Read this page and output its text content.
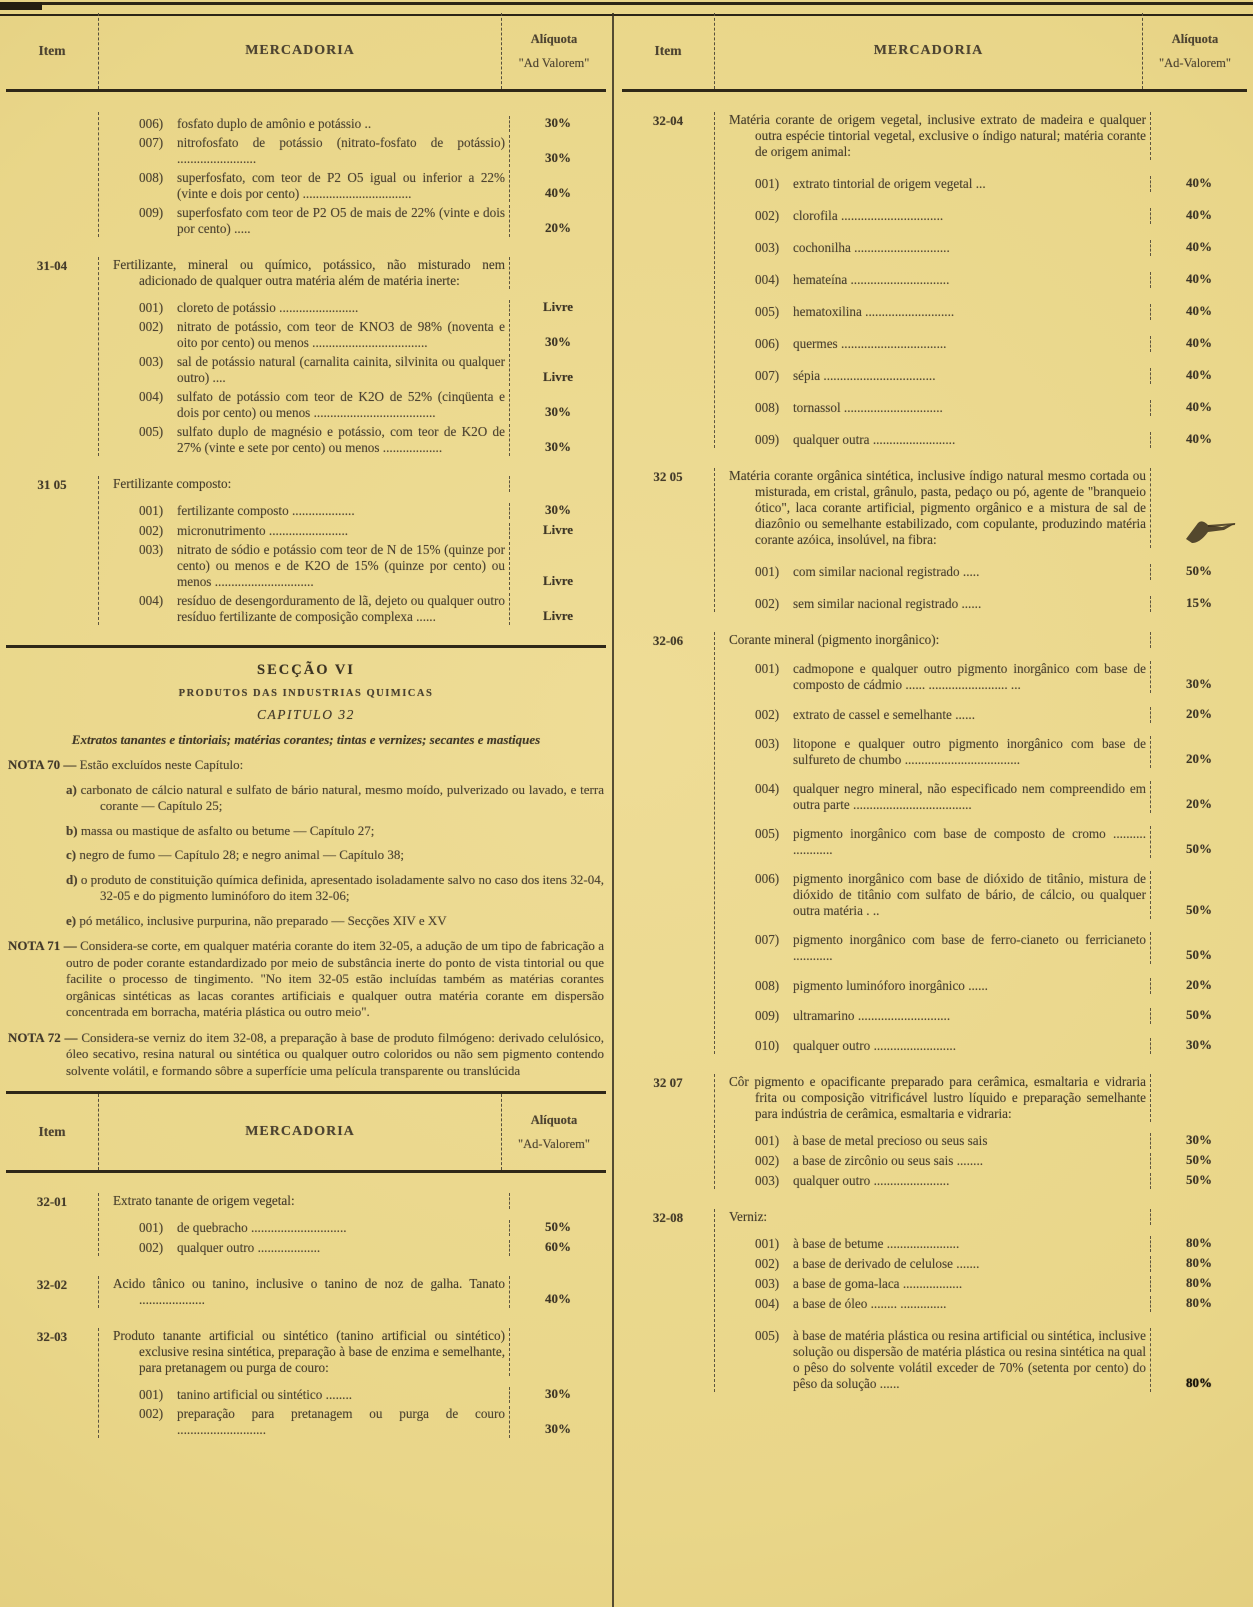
Item	MERCADORIA
Alíquota
"Ad Valorem"
006)	fosfato duplo de amônio e potássio ..	30%
007)	nitrofosfato de potássio (nitrato-fosfato de potássio) ........................	30%
008)	superfosfato, com teor de P2 O5 igual ou inferior a 22% (vinte e dois por cento) .................................	40%
009)	superfosfato com teor de P2 O5 de mais de 22% (vinte e dois por cento) .....	20%
31-04	Fertilizante, mineral ou químico, potássico, não misturado nem adicionado de qualquer outra matéria além de matéria inerte:
001)	cloreto de potássio ........................	Livre
002)	nitrato de potássio, com teor de KNO3 de 98% (noventa e oito por cento) ou menos ...................................	30%
003)	sal de potássio natural (carnalita cainita, silvinita ou qualquer outro) ....	Livre
004)	sulfato de potássio com teor de K2O de 52% (cinqüenta e dois por cento) ou menos .....................................	30%
005)	sulfato duplo de magnésio e potássio, com teor de K2O de 27% (vinte e sete por cento) ou menos ..................	30%
31 05	Fertilizante composto:
001)	fertilizante composto ...................	30%
002)	micronutrimento ........................	Livre
003)	nitrato de sódio e potássio com teor de N de 15% (quinze por cento) ou menos e de K2O de 15% (quinze por cento) ou menos ..............................	Livre
004)	resíduo de desengorduramento de lã, dejeto ou qualquer outro resíduo fertilizante de composição complexa ......	Livre
SECÇÃO VI
PRODUTOS DAS INDUSTRIAS QUIMICAS
CAPITULO 32
Extratos tanantes e tintoriais; matérias corantes; tintas e vernizes; secantes e mastiques
NOTA 70 — Estão excluídos neste Capítulo:
a) carbonato de cálcio natural e sulfato de bário natural, mesmo moído, pulverizado ou lavado, e terra corante — Capítulo 25;
b) massa ou mastique de asfalto ou betume — Capítulo 27;
c) negro de fumo — Capítulo 28; e negro animal — Capítulo 38;
d) o produto de constituição química definida, apresentado isoladamente salvo no caso dos itens 32-04, 32-05 e do pigmento luminóforo do item 32-06;
e) pó metálico, inclusive purpurina, não preparado — Secções XIV e XV
NOTA 71 — Considera-se corte, em qualquer matéria corante do item 32-05, a adução de um tipo de fabricação a outro de poder corante estandardizado por meio de substância inerte do ponto de vista tintorial ou que facilite o processo de tingimento. "No item 32-05 estão incluídas também as matérias corantes orgânicas sintéticas as lacas corantes artificiais e qualquer outra matéria corante em dispersão concentrada em borracha, matéria plástica ou outro meio".
NOTA 72 — Considera-se verniz do item 32-08, a preparação à base de produto filmógeno: derivado celulósico, óleo secativo, resina natural ou sintética ou qualquer outro coloridos ou não sem pigmento contendo solvente volátil, e formando sôbre a superfície uma película transparente ou translúcida
Item	MERCADORIA
Alíquota
"Ad-Valorem"
32-01	Extrato tanante de origem vegetal:
001)	de quebracho .............................	50%
002)	qualquer outro ...................	60%
32-02	Acido tânico ou tanino, inclusive o tanino de noz de galha. Tanato ....................	40%
32-03	Produto tanante artificial ou sintético (tanino artificial ou sintético) exclusive resina sintética, preparação à base de enzima e semelhante, para pretanagem ou purga de couro:
001)	tanino artificial ou sintético ........	30%
002)	preparação para pretanagem ou purga de couro ...........................	30%
Item	MERCADORIA
Alíquota
"Ad-Valorem"
32-04	Matéria corante de origem vegetal, inclusive extrato de madeira e qualquer outra espécie tintorial vegetal, exclusive o índigo natural; matéria corante de origem animal:
001)	extrato tintorial de origem vegetal ...	40%
002)	clorofila ...............................	40%
003)	cochonilha .............................	40%
004)	hemateína ..............................	40%
005)	hematoxilina ...........................	40%
006)	quermes ................................	40%
007)	sépia ..................................	40%
008)	tornassol ..............................	40%
009)	qualquer outra .........................	40%
32 05	Matéria corante orgânica sintética, inclusive índigo natural mesmo cortada ou misturada, em cristal, grânulo, pasta, pedaço ou pó, agente de "branqueio ótico", laca corante artificial, pigmento orgânico e a mistura de sal de diazônio ou semelhante estabilizado, com copulante, produzindo matéria corante azóica, insolúvel, na fibra:
001)	com similar nacional registrado .....	50%
002)	sem similar nacional registrado ......	15%
32-06	Corante mineral (pigmento inorgânico):
001)	cadmopone e qualquer outro pigmento inorgânico com base de composto de cádmio ...... ........................ ...	30%
002)	extrato de cassel e semelhante ......	20%
003)	litopone e qualquer outro pigmento inorgânico com base de sulfureto de chumbo ...................................	20%
004)	qualquer negro mineral, não especificado nem compreendido em outra parte ....................................	20%
005)	pigmento inorgânico com base de composto de cromo .......... ............	50%
006)	pigmento inorgânico com base de dióxido de titânio, mistura de dióxido de titânio com sulfato de bário, de cálcio, ou qualquer outra matéria . ..	50%
007)	pigmento inorgânico com base de ferro-cianeto ou ferricianeto ............	50%
008)	pigmento luminóforo inorgânico ......	20%
009)	ultramarino ............................	50%
010)	qualquer outro .........................	30%
32 07	Côr pigmento e opacificante preparado para cerâmica, esmaltaria e vidraria frita ou composição vitrificável lustro líquido e preparação semelhante para indústria de cerâmica, esmaltaria e vidraria:
001)	à base de metal precioso ou seus sais	30%
002)	a base de zircônio ou seus sais ........	50%
003)	qualquer outro .......................	50%
32-08	Verniz:
001)	à base de betume ......................	80%
002)	a base de derivado de celulose .......	80%
003)	a base de goma-laca ..................	80%
004)	a base de óleo ........ ..............	80%
005)	à base de matéria plástica ou resina artificial ou sintética, inclusive solução ou dispersão de matéria plástica ou resina sintética na qual o pêso do solvente volátil exceder de 70% (setenta por cento) do pêso da solução ......	80%
